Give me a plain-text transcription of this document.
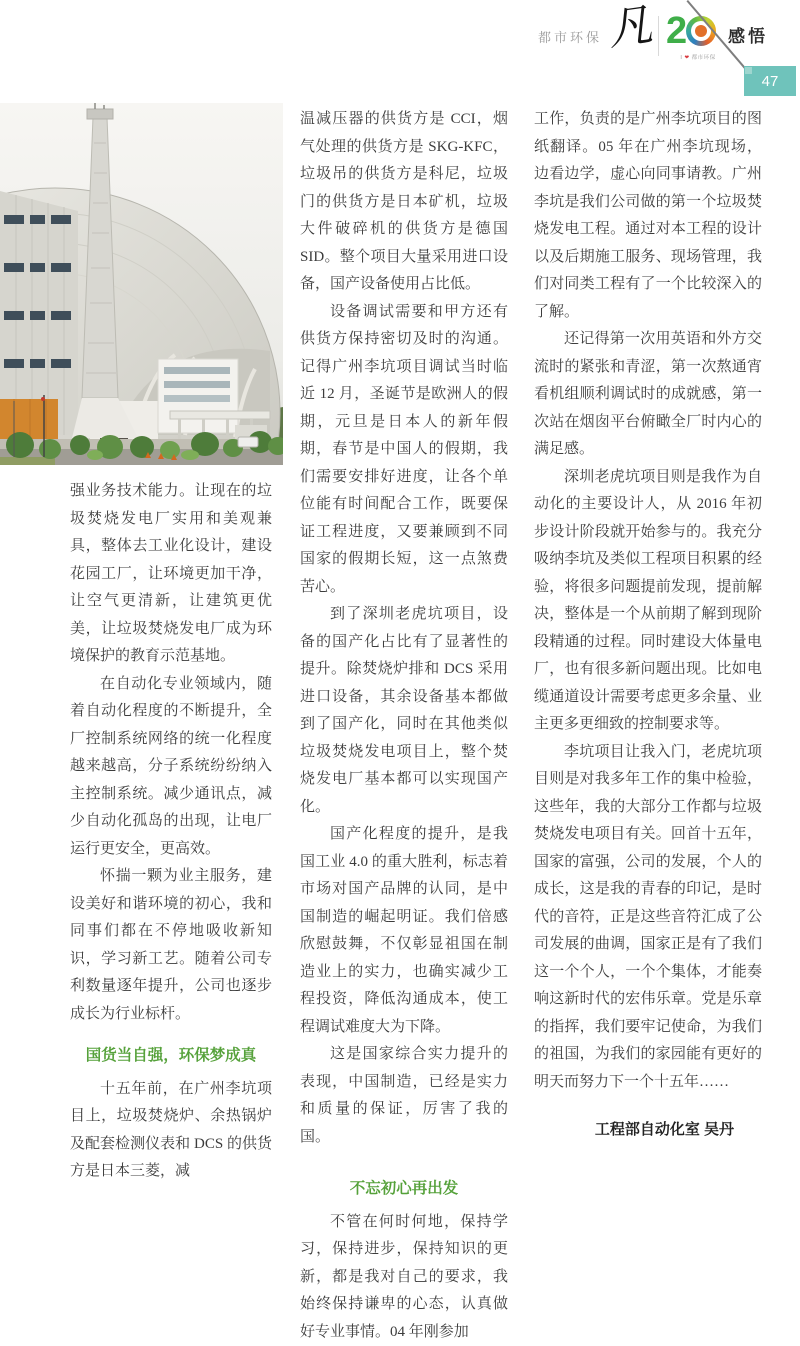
都市环保 凡 2
I ❤ 都市环保
感悟
47

强业务技术能力。让现在的垃圾焚烧发电厂实用和美观兼具，整体去工业化设计，建设花园工厂，让环境更加干净，让空气更清新，让建筑更优美，让垃圾焚烧发电厂成为环境保护的教育示范基地。

在自动化专业领域内，随着自动化程度的不断提升，全厂控制系统网络的统一化程度越来越高，分子系统纷纷纳入主控制系统。减少通讯点，减少自动化孤岛的出现，让电厂运行更安全，更高效。

怀揣一颗为业主服务，建设美好和谐环境的初心，我和同事们都在不停地吸收新知识，学习新工艺。随着公司专利数量逐年提升，公司也逐步成长为行业标杆。

国货当自强，环保梦成真

十五年前，在广州李坑项目上，垃圾焚烧炉、余热锅炉及配套检测仪表和 DCS 的供货方是日本三菱，减

温减压器的供货方是 CCI，烟气处理的供货方是 SKG-KFC，垃圾吊的供货方是科尼，垃圾门的供货方是日本矿机，垃圾大件破碎机的供货方是德国 SID。整个项目大量采用进口设备，国产设备使用占比低。

设备调试需要和甲方还有供货方保持密切及时的沟通。记得广州李坑项目调试当时临近 12 月，圣诞节是欧洲人的假期，元旦是日本人的新年假期，春节是中国人的假期，我们需要安排好进度，让各个单位能有时间配合工作，既要保证工程进度，又要兼顾到不同国家的假期长短，这一点煞费苦心。

到了深圳老虎坑项目，设备的国产化占比有了显著性的提升。除焚烧炉排和 DCS 采用进口设备，其余设备基本都做到了国产化，同时在其他类似垃圾焚烧发电项目上，整个焚烧发电厂基本都可以实现国产化。

国产化程度的提升，是我国工业 4.0 的重大胜利，标志着市场对国产品牌的认同，是中国制造的崛起明证。我们倍感欣慰鼓舞，不仅彰显祖国在制造业上的实力，也确实减少工程投资，降低沟通成本，使工程调试难度大为下降。

这是国家综合实力提升的表现，中国制造，已经是实力和质量的保证，厉害了我的国。

不忘初心再出发

不管在何时何地，保持学习，保持进步，保持知识的更新，都是我对自己的要求，我始终保持谦卑的心态，认真做好专业事情。04 年刚参加

工作，负责的是广州李坑项目的图纸翻译。05 年在广州李坑现场，边看边学，虚心向同事请教。广州李坑是我们公司做的第一个垃圾焚烧发电工程。通过对本工程的设计以及后期施工服务、现场管理，我们对同类工程有了一个比较深入的了解。

还记得第一次用英语和外方交流时的紧张和青涩，第一次熬通宵看机组顺利调试时的成就感，第一次站在烟囱平台俯瞰全厂时内心的满足感。

深圳老虎坑项目则是我作为自动化的主要设计人，从 2016 年初步设计阶段就开始参与的。我充分吸纳李坑及类似工程项目积累的经验，将很多问题提前发现，提前解决，整体是一个从前期了解到现阶段精通的过程。同时建设大体量电厂，也有很多新问题出现。比如电缆通道设计需要考虑更多余量、业主更多更细致的控制要求等。

李坑项目让我入门，老虎坑项目则是对我多年工作的集中检验，这些年，我的大部分工作都与垃圾焚烧发电项目有关。回首十五年，国家的富强，公司的发展，个人的成长，这是我的青春的印记，是时代的音符，正是这些音符汇成了公司发展的曲调，国家正是有了我们这一个个人，一个个集体，才能奏响这新时代的宏伟乐章。党是乐章的指挥，我们要牢记使命，为我们的祖国，为我们的家园能有更好的明天而努力下一个十五年……

工程部自动化室 吴丹
